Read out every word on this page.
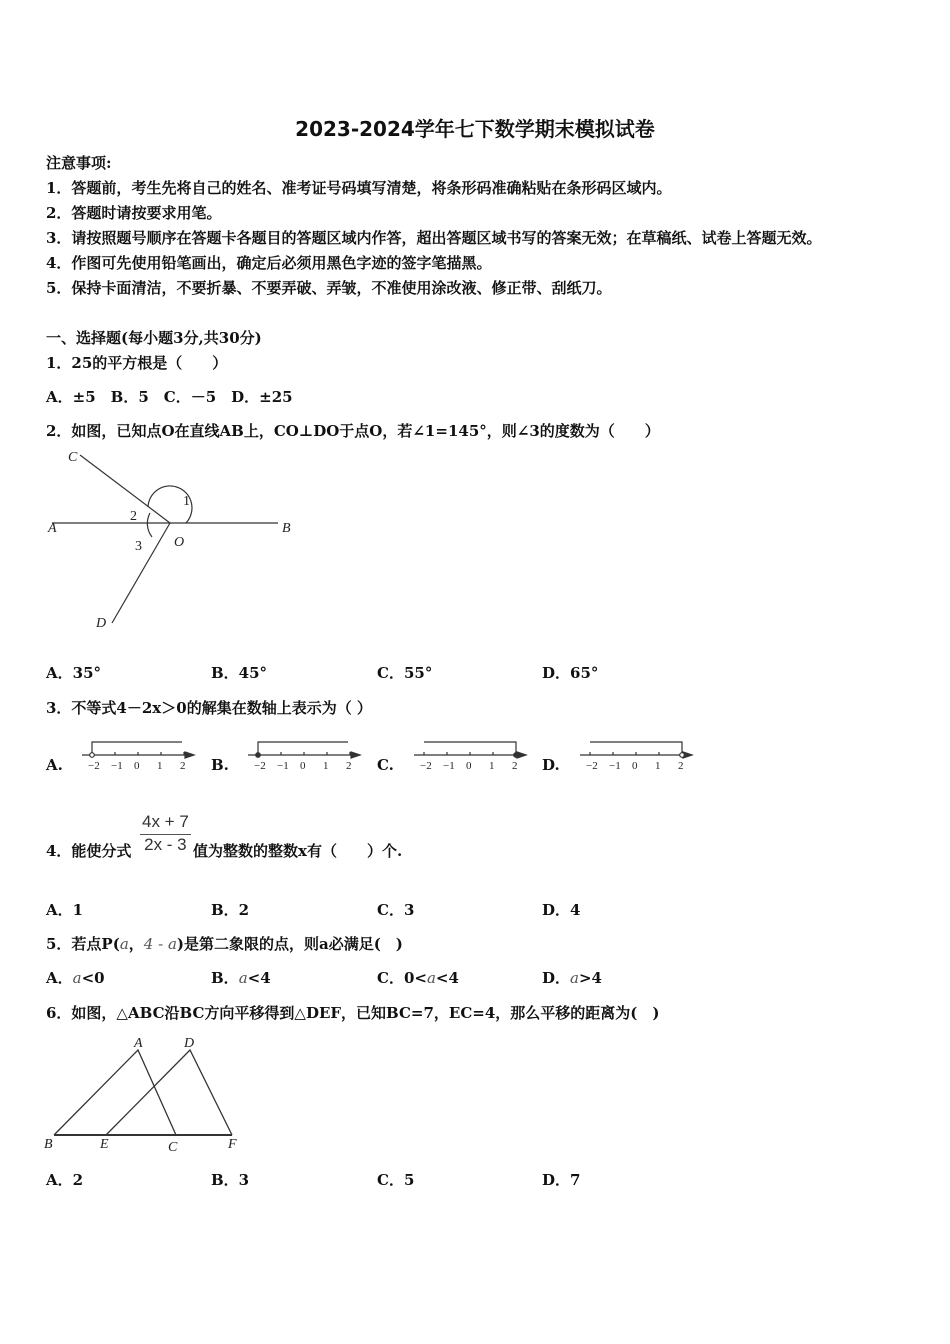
2023-2024学年七下数学期末模拟试卷
注意事项:
1．答题前，考生先将自己的姓名、准考证号码填写清楚，将条形码准确粘贴在条形码区域内。
2．答题时请按要求用笔。
3．请按照题号顺序在答题卡各题目的答题区域内作答，超出答题区域书写的答案无效；在草稿纸、试卷上答题无效。
4．作图可先使用铅笔画出，确定后必须用黑色字迹的签字笔描黑。
5．保持卡面清洁，不要折暴、不要弄破、弄皱，不准使用涂改液、修正带、刮纸刀。
一、选择题(每小题3分,共30分)
1．25的平方根是（　　）
A．±5　B．5　C．－5　D．±25
2．如图，已知点O在直线AB上，CO⊥DO于点O，若∠1=145°，则∠3的度数为（　　）
C
A	B
O
D
1
2
3
A．35°	B．45°	C．55°	D．65°
3．不等式4－2x＞0的解集在数轴上表示为（ ）
A. −2 −1 0 1 2 B. −2 −1 0 1 2 C. −2 −1 0 1 2 D. −2 −1 0 1 2
4．能使分式 $\frac{4x + 7}{2x - 3}$ 值为整数的整数x有（　　）个.
A．1	B．2	C．3	D．4
5．若点P(a，4 - a)是第二象限的点，则a必满足(　)
A．a<0	B．a<4	C．0<a<4	D．a>4
6．如图，△ABC沿BC方向平移得到△DEF，已知BC=7，EC=4，那么平移的距离为(　)
A	D
B	E	C	F
A．2	B．3	C．5	D．7
